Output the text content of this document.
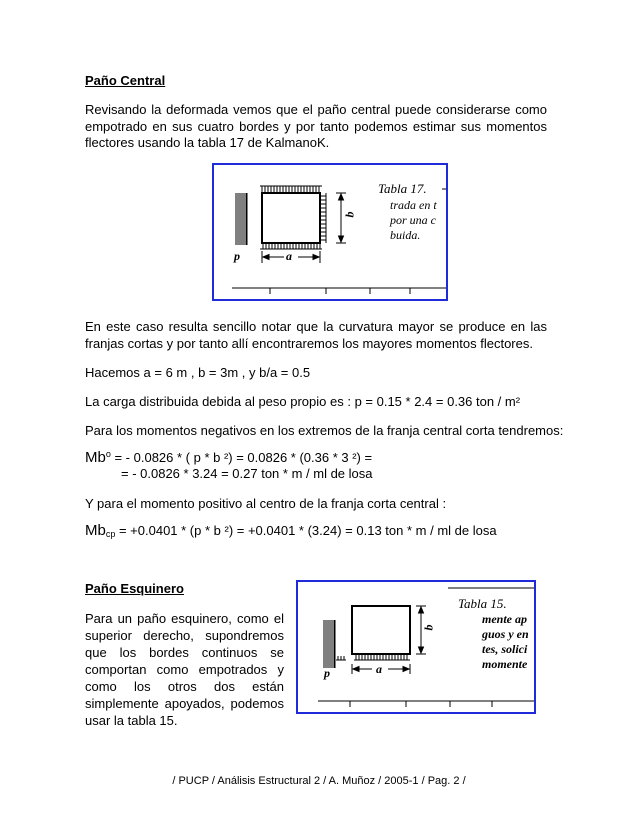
Paño Central
Revisando la deformada vemos que el paño central puede considerarse como empotrado en sus cuatro bordes y por tanto podemos estimar sus momentos flectores usando la tabla 17 de KalmanoK.
p	a
b
Tabla 17.
trada en t
por una c
buida.
En este caso resulta sencillo notar que la curvatura mayor se produce en las franjas cortas y por tanto allí encontraremos los mayores momentos flectores.
Hacemos a = 6 m , b = 3m , y b/a = 0.5
La carga distribuida debida al peso propio es : p = 0.15 * 2.4 = 0.36 ton / m²
Para los momentos negativos en los extremos de la franja central corta tendremos:
$Mb^o$ = - 0.0826 * ( p * b ²) = 0.0826 * (0.36 * 3 ²) =
= - 0.0826 * 3.24 = 0.27 ton * m / ml de losa
Y para el momento positivo al centro de la franja corta central :
$Mb_{cp} = +0.0401 * (p * b$ ²) = +0.0401 * (3.24) = 0.13 ton * m / ml de losa
Paño Esquinero
Para un paño esquinero, como el superior derecho, supondremos que los bordes continuos se comportan como empotrados y como los otros dos están simplemente apoyados, podemos usar la tabla 15.
p	a
b
Tabla 15.
mente ap
guos y en
tes, solici
momente
/ PUCP / Análisis Estructural 2 / A. Muñoz / 2005-1 / Pag. 2 /
